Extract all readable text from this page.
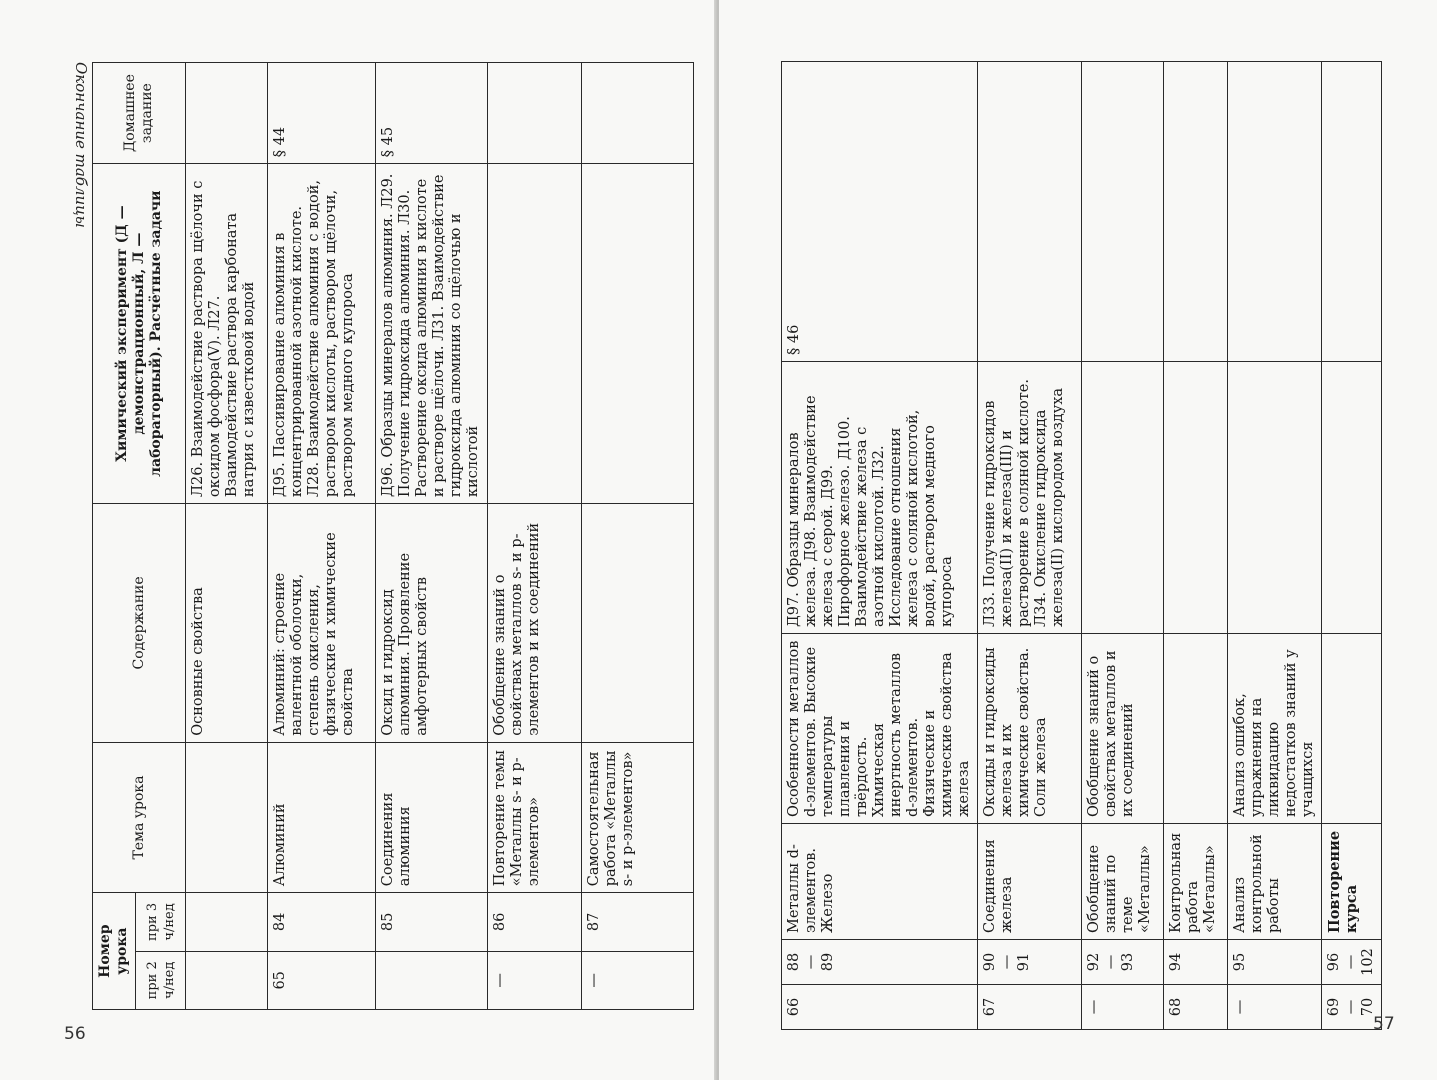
Окончание таблицы
Номер урока		Тема урока	Содержание	Химический эксперимент (Д — демонстрационный, Л — лабораторный). Расчётные задачи	Домашнее задание
при 2 ч/нед	при 3 ч/нед				
			Основные свойства	Л26. Взаимодействие раствора щёлочи с оксидом фосфора(V). Л27. Взаимодействие раствора карбоната натрия с известковой водой	
65	84	Алюминий	Алюминий: строение валентной оболочки, степень окисления, физические и химические свойства	Д95. Пассивирование алюминия в концентрированной азотной кислоте. Л28. Взаимодействие алюминия с водой, раствором кислоты, раствором щёлочи, раствором медного купороса	§ 44
	85	Соединения алюминия	Оксид и гидроксид алюминия. Проявление амфотерных свойств	Д96. Образцы минералов алюминия. Л29. Получение гидроксида алюминия. Л30. Растворение оксида алюминия в кислоте и растворе щёлочи. Л31. Взаимодействие гидроксида алюминия со щёлочью и кислотой	§ 45
—	86	Повторение темы «Металлы s- и p-элементов»	Обобщение знаний о свойствах металлов s- и p-элементов и их соединений		
—	87	Самостоятельная работа «Металлы s- и p-элементов»			
56
66	88—89	Металлы d-элементов. Железо	Особенности металлов d-элементов. Высокие температуры плавления и твёрдость. Химическая инертность металлов d-элементов. Физические и химические свойства железа	Д97. Образцы минералов железа. Д98. Взаимодействие железа с серой. Д99. Пирофорное железо. Д100. Взаимодействие железа с азотной кислотой. Л32. Исследование отношения железа с соляной кислотой, водой, раствором медного купороса	§ 46
67	90—91	Соединения железа	Оксиды и гидроксиды железа и их химические свойства. Соли железа	Л33. Получение гидроксидов железа(II) и железа(III) и растворение в соляной кислоте. Л34. Окисление гидроксида железа(II) кислородом воздуха	
—	92—93	Обобщение знаний по теме «Металлы»	Обобщение знаний о свойствах металлов и их соединений		
68	94	Контрольная работа «Металлы»			
—	95	Анализ контрольной работы	Анализ ошибок, упражнения на ликвидацию недостатков знаний у учащихся		
69—70	96—102	Повторение курса			
57
